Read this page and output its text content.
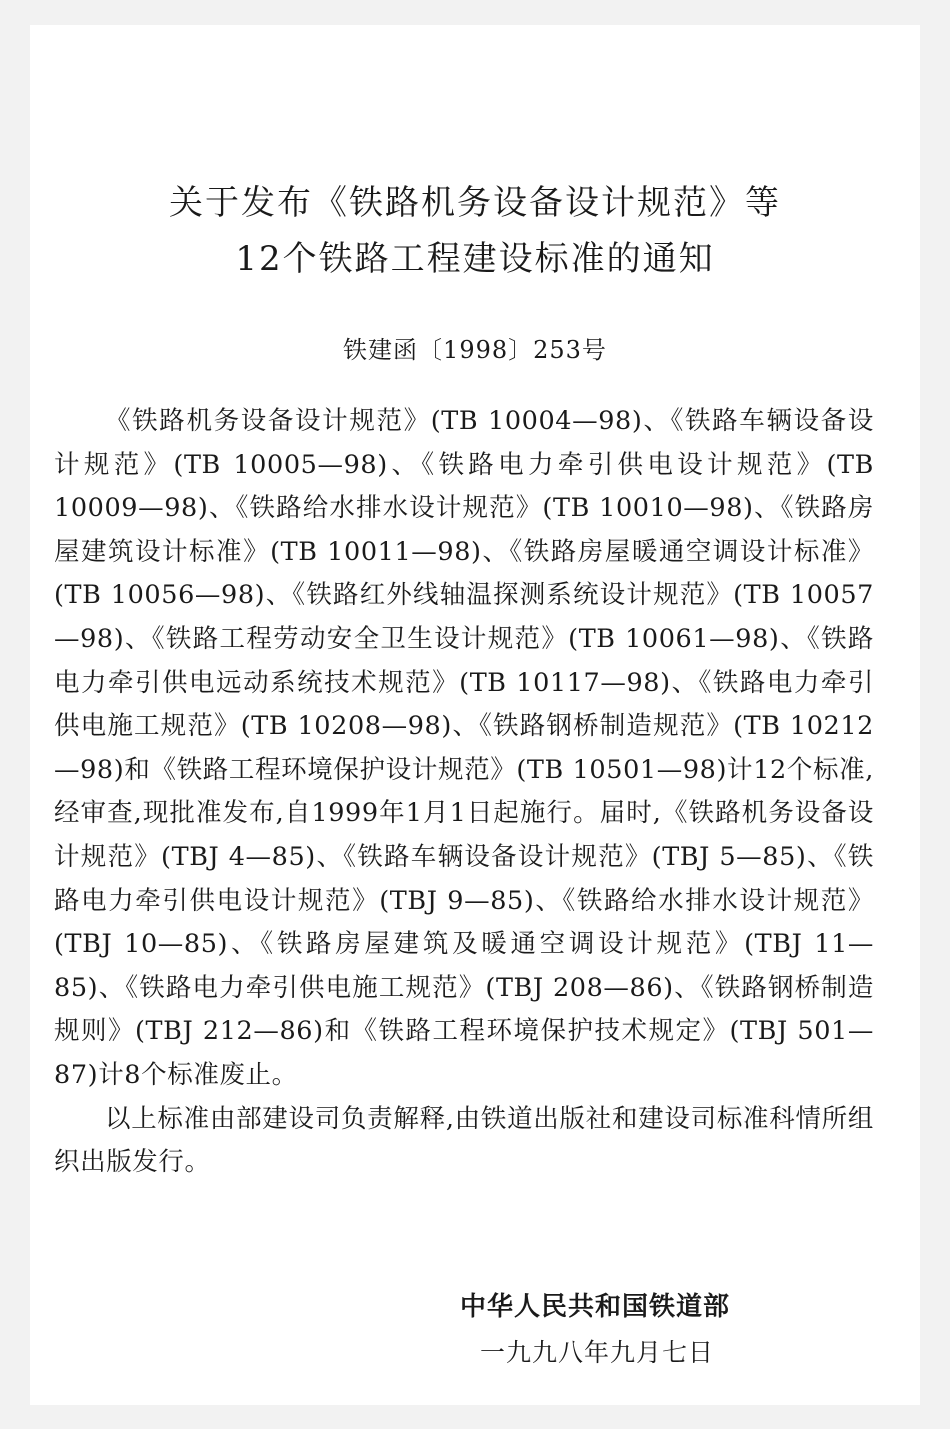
关于发布《铁路机务设备设计规范》等
12个铁路工程建设标准的通知
铁建函〔1998〕253号

《铁路机务设备设计规范》(TB 10004—98)、《铁路车辆设备设计规范》(TB 10005—98)、《铁路电力牵引供电设计规范》(TB 10009—98)、《铁路给水排水设计规范》(TB 10010—98)、《铁路房屋建筑设计标准》(TB 10011—98)、《铁路房屋暖通空调设计标准》(TB 10056—98)、《铁路红外线轴温探测系统设计规范》(TB 10057—98)、《铁路工程劳动安全卫生设计规范》(TB 10061—98)、《铁路电力牵引供电远动系统技术规范》(TB 10117—98)、《铁路电力牵引供电施工规范》(TB 10208—98)、《铁路钢桥制造规范》(TB 10212—98)和《铁路工程环境保护设计规范》(TB 10501—98)计12个标准,经审查,现批准发布,自1999年1月1日起施行。届时,《铁路机务设备设计规范》(TBJ 4—85)、《铁路车辆设备设计规范》(TBJ 5—85)、《铁路电力牵引供电设计规范》(TBJ 9—85)、《铁路给水排水设计规范》(TBJ 10—85)、《铁路房屋建筑及暖通空调设计规范》(TBJ 11—85)、《铁路电力牵引供电施工规范》(TBJ 208—86)、《铁路钢桥制造规则》(TBJ 212—86)和《铁路工程环境保护技术规定》(TBJ 501—87)计8个标准废止。

以上标准由部建设司负责解释,由铁道出版社和建设司标准科情所组织出版发行。

中华人民共和国铁道部
一九九八年九月七日
